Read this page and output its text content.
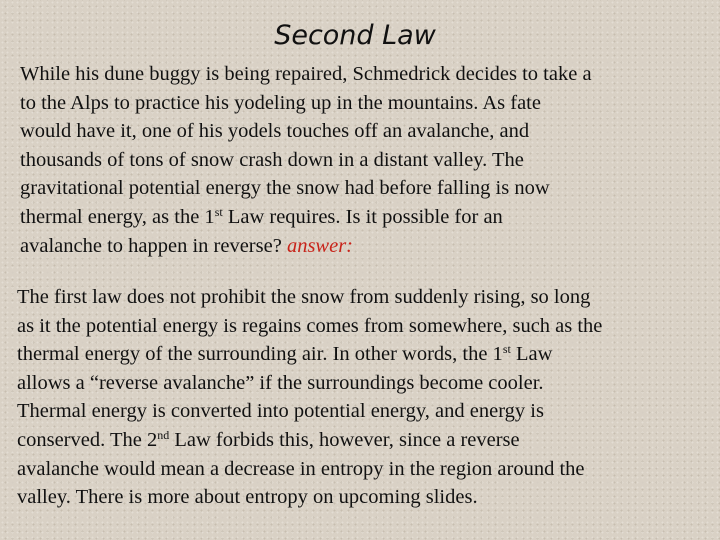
Second Law
While his dune buggy is being repaired, Schmedrick decides to take a
to the Alps to practice his yodeling up in the mountains. As fate
would have it, one of his yodels touches off an avalanche, and
thousands of tons of snow crash down in a distant valley. The
gravitational potential energy the snow had before falling is now
thermal energy, as the 1st Law requires. Is it possible for an
avalanche to happen in reverse? answer:
The first law does not prohibit the snow from suddenly rising, so long
as it the potential energy is regains comes from somewhere, such as the
thermal energy of the surrounding air. In other words, the 1st Law
allows a “reverse avalanche” if the surroundings become cooler.
Thermal energy is converted into potential energy, and energy is
conserved. The 2nd Law forbids this, however, since a reverse
avalanche would mean a decrease in entropy in the region around the
valley. There is more about entropy on upcoming slides.
